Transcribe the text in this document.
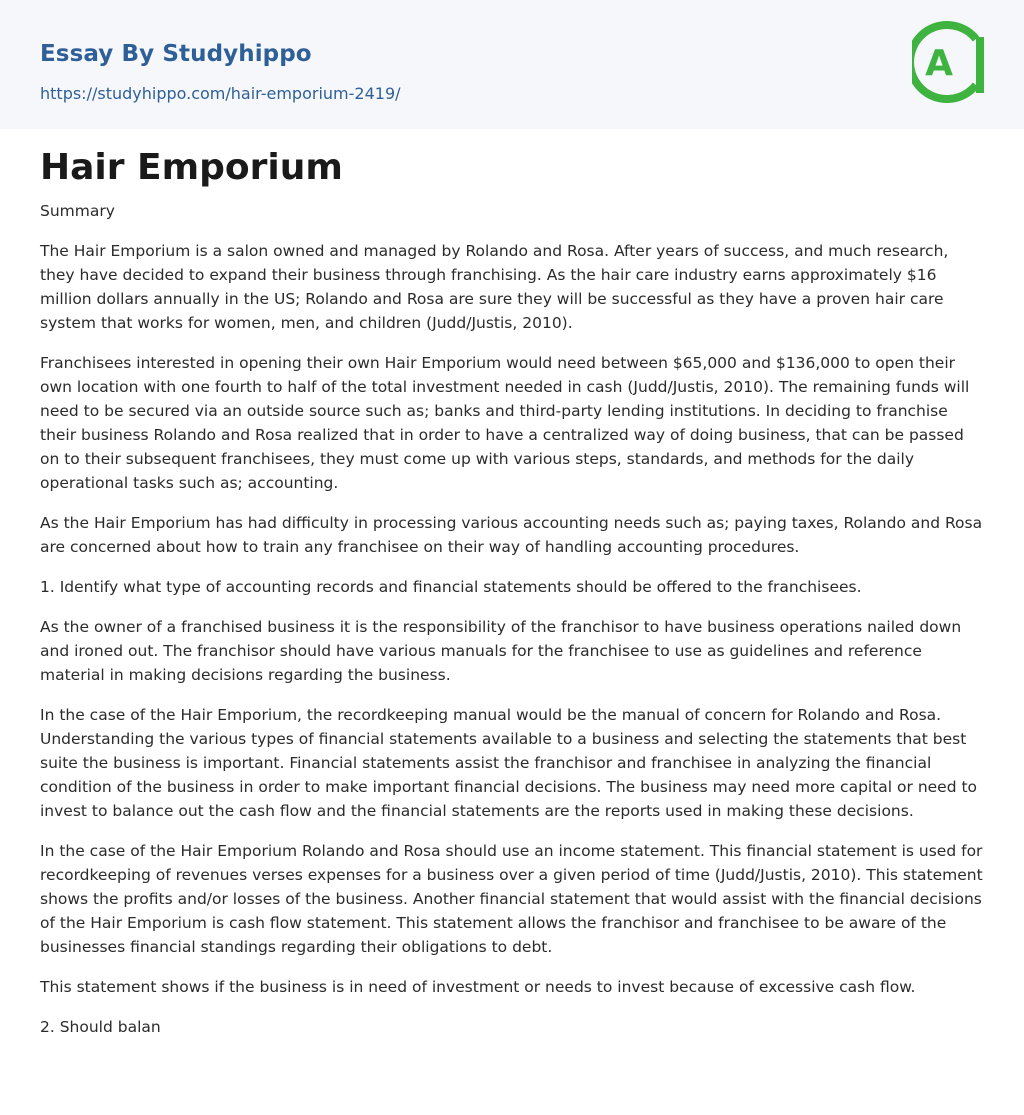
Essay By Studyhippo
https://studyhippo.com/hair-emporium-2419/
A
Hair Emporium

Summary

The Hair Emporium is a salon owned and managed by Rolando and Rosa. After years of success, and much research, they have decided to expand their business through franchising. As the hair care industry earns approximately $16 million dollars annually in the US; Rolando and Rosa are sure they will be successful as they have a proven hair care system that works for women, men, and children (Judd/Justis, 2010).

Franchisees interested in opening their own Hair Emporium would need between $65,000 and $136,000 to open their own location with one fourth to half of the total investment needed in cash (Judd/Justis, 2010). The remaining funds will need to be secured via an outside source such as; banks and third-party lending institutions. In deciding to franchise their business Rolando and Rosa realized that in order to have a centralized way of doing business, that can be passed on to their subsequent franchisees, they must come up with various steps, standards, and methods for the daily operational tasks such as; accounting.

As the Hair Emporium has had difficulty in processing various accounting needs such as; paying taxes, Rolando and Rosa are concerned about how to train any franchisee on their way of handling accounting procedures.

1. Identify what type of accounting records and financial statements should be offered to the franchisees.

As the owner of a franchised business it is the responsibility of the franchisor to have business operations nailed down and ironed out. The franchisor should have various manuals for the franchisee to use as guidelines and reference material in making decisions regarding the business.

In the case of the Hair Emporium, the recordkeeping manual would be the manual of concern for Rolando and Rosa. Understanding the various types of financial statements available to a business and selecting the statements that best suite the business is important. Financial statements assist the franchisor and franchisee in analyzing the financial condition of the business in order to make important financial decisions. The business may need more capital or need to invest to balance out the cash flow and the financial statements are the reports used in making these decisions.

In the case of the Hair Emporium Rolando and Rosa should use an income statement. This financial statement is used for recordkeeping of revenues verses expenses for a business over a given period of time (Judd/Justis, 2010). This statement shows the profits and/or losses of the business. Another financial statement that would assist with the financial decisions of the Hair Emporium is cash flow statement. This statement allows the franchisor and franchisee to be aware of the businesses financial standings regarding their obligations to debt.

This statement shows if the business is in need of investment or needs to invest because of excessive cash flow.

2. Should balan
